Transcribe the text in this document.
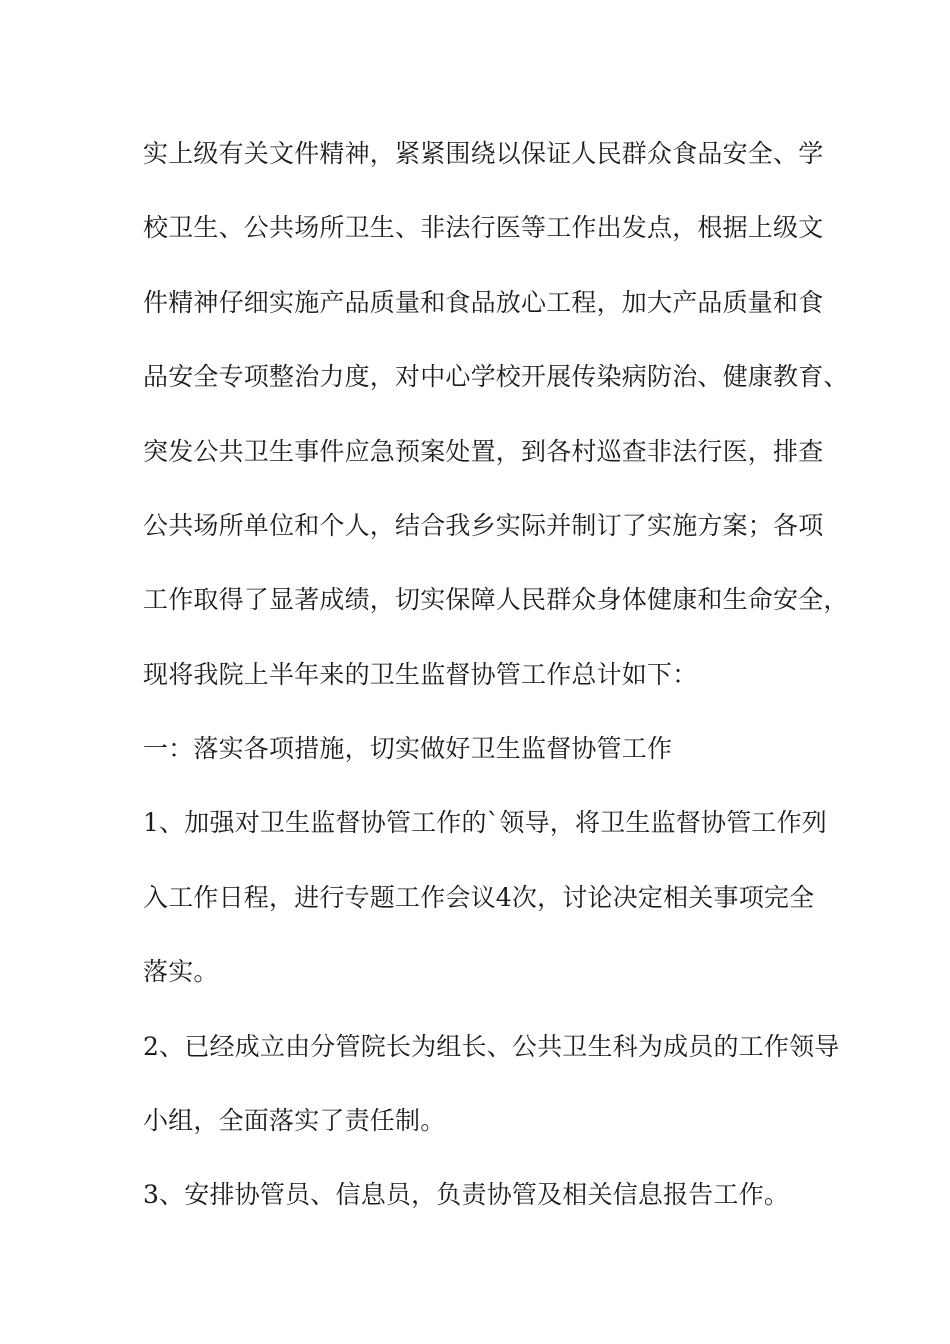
实上级有关文件精神，紧紧围绕以保证人民群众食品安全、学
校卫生、公共场所卫生、非法行医等工作出发点，根据上级文
件精神仔细实施产品质量和食品放心工程，加大产品质量和食
品安全专项整治力度，对中心学校开展传染病防治、健康教育、
突发公共卫生事件应急预案处置，到各村巡查非法行医，排查
公共场所单位和个人，结合我乡实际并制订了实施方案；各项
工作取得了显著成绩，切实保障人民群众身体健康和生命安全，
现将我院上半年来的卫生监督协管工作总计如下：
一：落实各项措施，切实做好卫生监督协管工作
1、加强对卫生监督协管工作的`领导，将卫生监督协管工作列
入工作日程，进行专题工作会议4次，讨论决定相关事项完全
落实。
2、已经成立由分管院长为组长、公共卫生科为成员的工作领导
小组，全面落实了责任制。
3、安排协管员、信息员，负责协管及相关信息报告工作。
